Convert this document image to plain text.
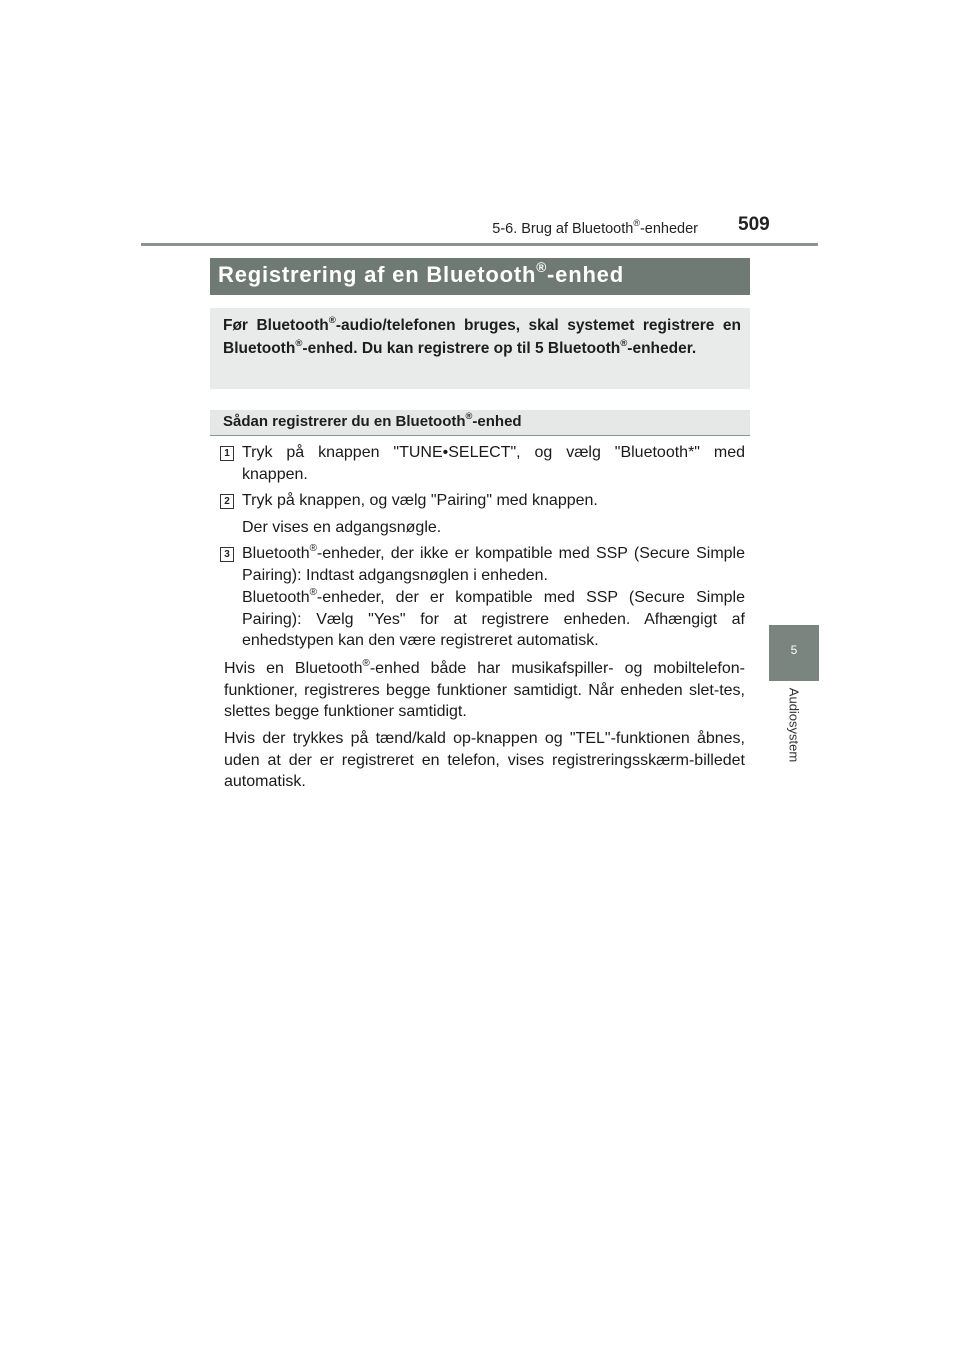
5-6. Brug af Bluetooth®-enheder 509
5
Audiosystem
Registrering af en Bluetooth®-enhed
Før Bluetooth®-audio/telefonen bruges, skal systemet registrere en Bluetooth®-enhed. Du kan registrere op til 5 Bluetooth®-enheder.
Sådan registrerer du en Bluetooth®-enhed
1 Tryk på knappen "TUNE•SELECT", og vælg "Bluetooth*" med knappen.
2 Tryk på knappen, og vælg "Pairing" med knappen.
Der vises en adgangsnøgle.
3 Bluetooth®-enheder, der ikke er kompatible med SSP (Secure Simple Pairing): Indtast adgangsnøglen i enheden.
Bluetooth®-enheder, der er kompatible med SSP (Secure Simple Pairing): Vælg "Yes" for at registrere enheden. Afhængigt af enhedstypen kan den være registreret automatisk.
Hvis en Bluetooth®-enhed både har musikafspiller- og mobiltelefon-funktioner, registreres begge funktioner samtidigt. Når enheden slet-tes, slettes begge funktioner samtidigt.
Hvis der trykkes på tænd/kald op-knappen og "TEL"-funktionen åbnes, uden at der er registreret en telefon, vises registreringsskærm-billedet automatisk.
